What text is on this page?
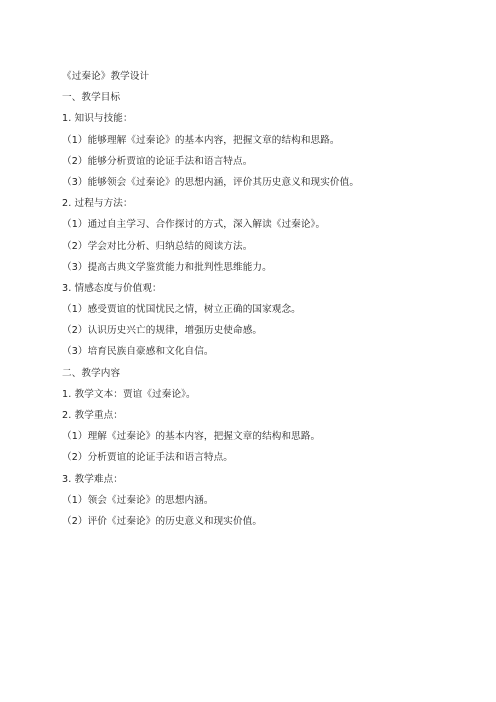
《过秦论》教学设计
一、教学目标
1. 知识与技能：
（1）能够理解《过秦论》的基本内容，把握文章的结构和思路。
（2）能够分析贾谊的论证手法和语言特点。
（3）能够领会《过秦论》的思想内涵，评价其历史意义和现实价值。
2. 过程与方法：
（1）通过自主学习、合作探讨的方式，深入解读《过秦论》。
（2）学会对比分析、归纳总结的阅读方法。
（3）提高古典文学鉴赏能力和批判性思维能力。
3. 情感态度与价值观：
（1）感受贾谊的忧国忧民之情，树立正确的国家观念。
（2）认识历史兴亡的规律，增强历史使命感。
（3）培育民族自豪感和文化自信。
二、教学内容
1. 教学文本：贾谊《过秦论》。
2. 教学重点：
（1）理解《过秦论》的基本内容，把握文章的结构和思路。
（2）分析贾谊的论证手法和语言特点。
3. 教学难点：
（1）领会《过秦论》的思想内涵。
（2）评价《过秦论》的历史意义和现实价值。
